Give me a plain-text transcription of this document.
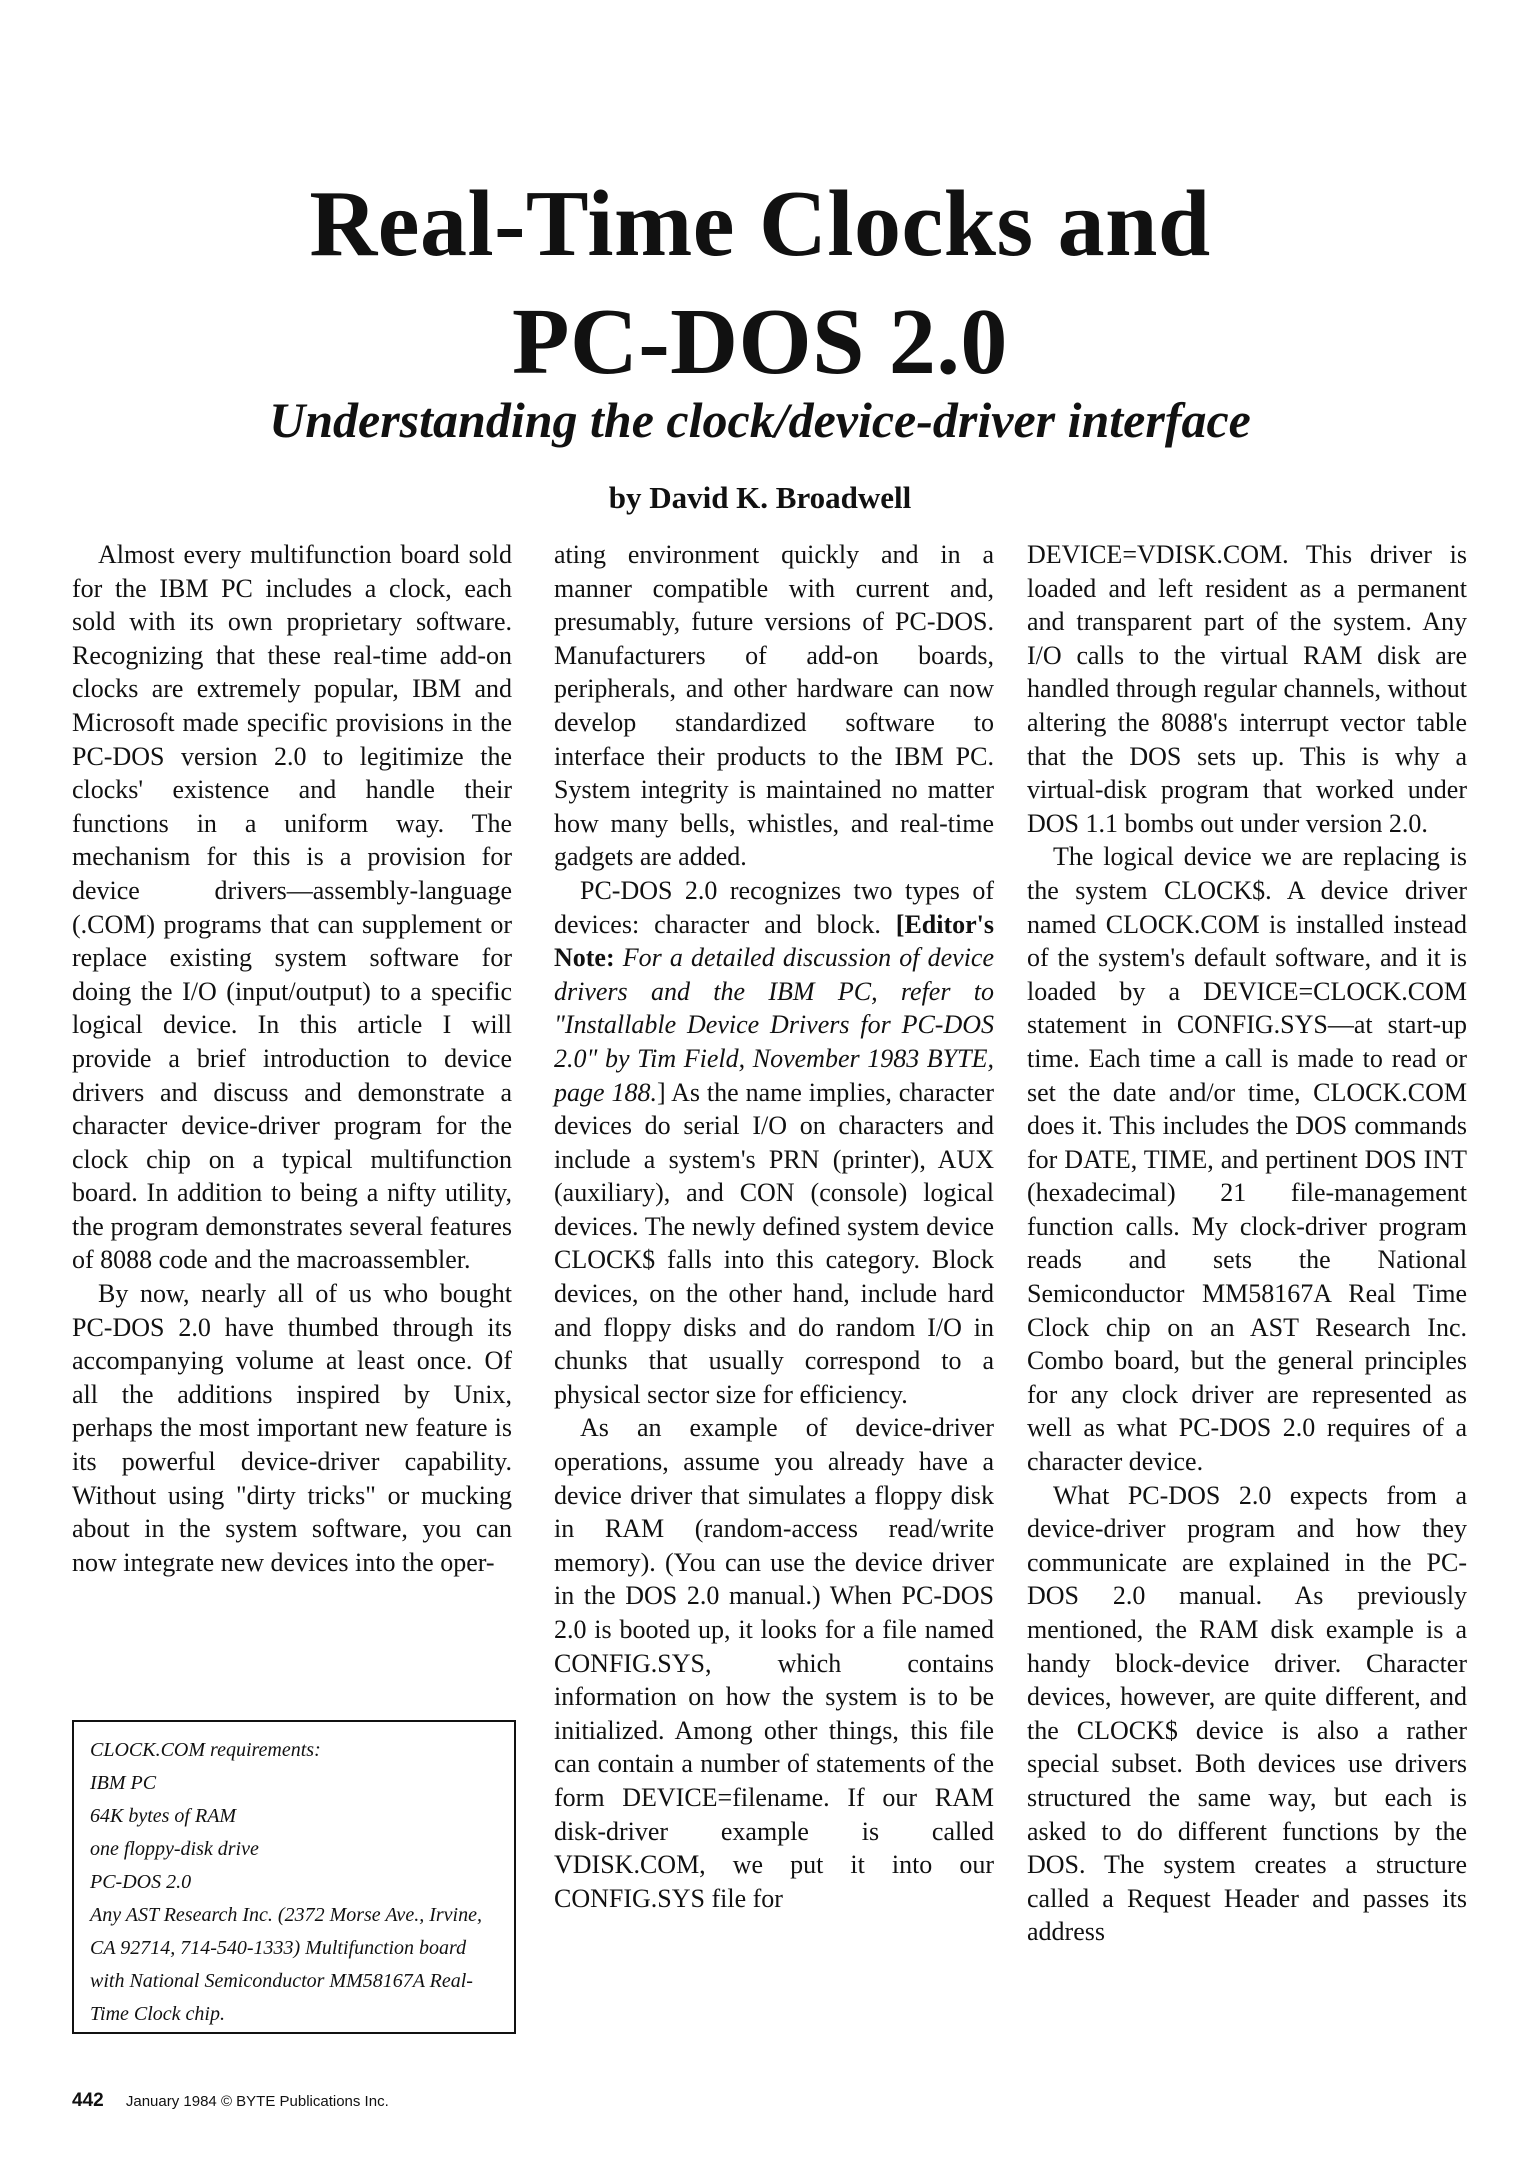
Real-Time Clocks and
PC-DOS 2.0
Understanding the clock/device-driver interface
by David K. Broadwell

Almost every multifunction board sold for the IBM PC includes a clock, each sold with its own proprietary software. Recognizing that these real-time add-on clocks are extremely popular, IBM and Microsoft made specific provisions in the PC-DOS version 2.0 to legitimize the clocks' existence and handle their functions in a uniform way. The mechanism for this is a provision for device drivers—assembly-language (.COM) programs that can supplement or replace existing system software for doing the I/O (input/output) to a specific logical device. In this article I will provide a brief introduction to device drivers and discuss and demonstrate a character device-driver program for the clock chip on a typical multifunction board. In addition to being a nifty utility, the program demonstrates several features of 8088 code and the macroassembler.

By now, nearly all of us who bought PC-DOS 2.0 have thumbed through its accompanying volume at least once. Of all the additions inspired by Unix, perhaps the most important new feature is its powerful device-driver capability. Without using "dirty tricks" or mucking about in the system software, you can now integrate new devices into the oper-

ating environment quickly and in a manner compatible with current and, presumably, future versions of PC-DOS. Manufacturers of add-on boards, peripherals, and other hardware can now develop standardized software to interface their products to the IBM PC. System integrity is maintained no matter how many bells, whistles, and real-time gadgets are added.

PC-DOS 2.0 recognizes two types of devices: character and block. [Editor's Note: For a detailed discussion of device drivers and the IBM PC, refer to "Installable Device Drivers for PC-DOS 2.0" by Tim Field, November 1983 BYTE, page 188.] As the name implies, character devices do serial I/O on characters and include a system's PRN (printer), AUX (auxiliary), and CON (console) logical devices. The newly defined system device CLOCK$ falls into this category. Block devices, on the other hand, include hard and floppy disks and do random I/O in chunks that usually correspond to a physical sector size for efficiency.

As an example of device-driver operations, assume you already have a device driver that simulates a floppy disk in RAM (random-access read/write memory). (You can use the device driver in the DOS 2.0 manual.) When PC-DOS 2.0 is booted up, it looks for a file named CONFIG.SYS, which contains information on how the system is to be initialized. Among other things, this file can contain a number of statements of the form DEVICE=filename. If our RAM disk-driver example is called VDISK.COM, we put it into our CONFIG.SYS file for

DEVICE=VDISK.COM. This driver is loaded and left resident as a permanent and transparent part of the system. Any I/O calls to the virtual RAM disk are handled through regular channels, without altering the 8088's interrupt vector table that the DOS sets up. This is why a virtual-disk program that worked under DOS 1.1 bombs out under version 2.0.

The logical device we are replacing is the system CLOCK$. A device driver named CLOCK.COM is installed instead of the system's default software, and it is loaded by a DEVICE=CLOCK.COM statement in CONFIG.SYS—at start-up time. Each time a call is made to read or set the date and/or time, CLOCK.COM does it. This includes the DOS commands for DATE, TIME, and pertinent DOS INT (hexadecimal) 21 file-management function calls. My clock-driver program reads and sets the National Semiconductor MM58167A Real Time Clock chip on an AST Research Inc. Combo board, but the general principles for any clock driver are represented as well as what PC-DOS 2.0 requires of a character device.

What PC-DOS 2.0 expects from a device-driver program and how they communicate are explained in the PC-DOS 2.0 manual. As previously mentioned, the RAM disk example is a handy block-device driver. Character devices, however, are quite different, and the CLOCK$ device is also a rather special subset. Both devices use drivers structured the same way, but each is asked to do different functions by the DOS. The system creates a structure called a Request Header and passes its address

CLOCK.COM requirements:
IBM PC
64K bytes of RAM
one floppy-disk drive
PC-DOS 2.0
Any AST Research Inc. (2372 Morse Ave., Irvine, CA 92714, 714-540-1333) Multifunction board with National Semiconductor MM58167A Real-Time Clock chip.
442 January 1984 © BYTE Publications Inc.
